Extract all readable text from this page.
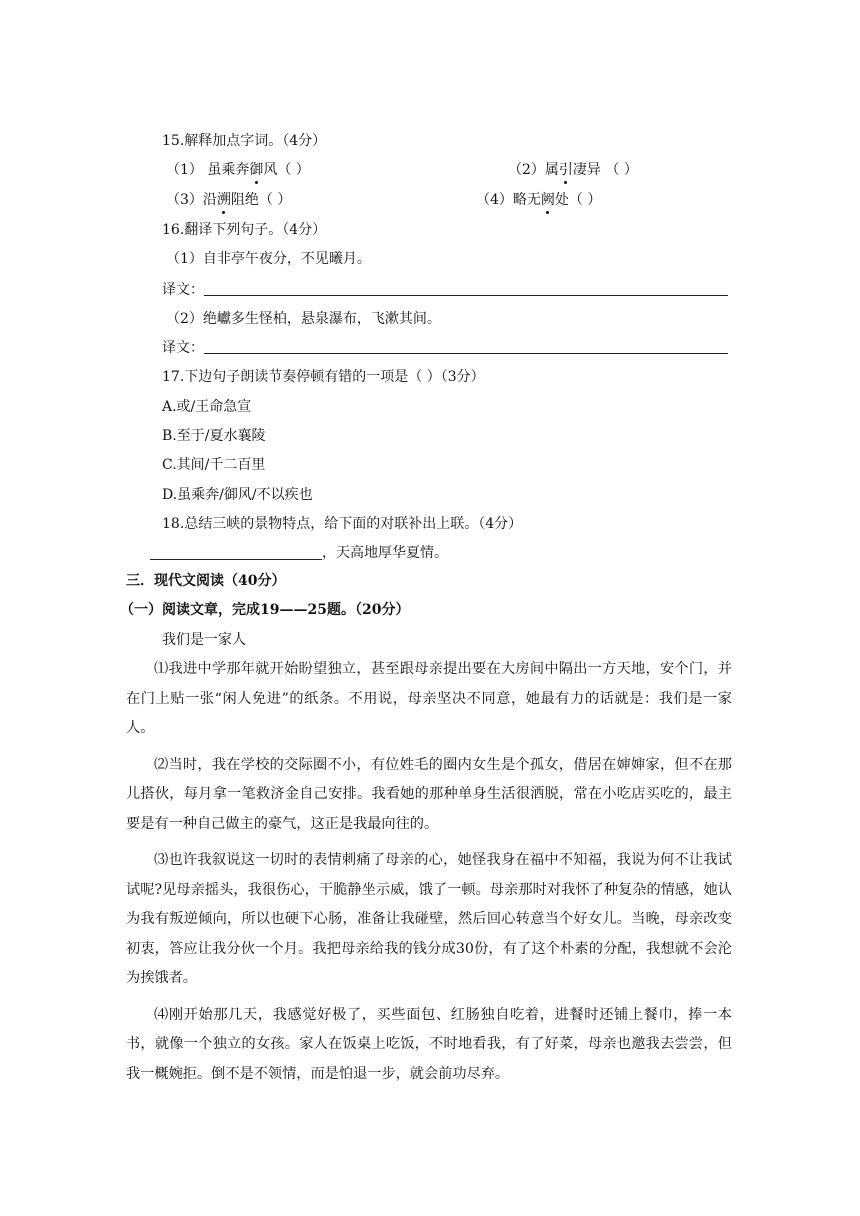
15.解释加点字词。（4分）
（1） 虽乘奔御风（ ）	（2）属引凄异 （ ）
（3）沿溯阻绝（ ）	（4）略无阙处（ ）
16.翻译下列句子。（4分）
（1）自非亭午夜分，不见曦月。
译文：
（2）绝巘多生怪柏，悬泉瀑布，飞漱其间。
译文：
17.下边句子朗读节奏停顿有错的一项是（ ）（3分）
A.或/王命急宣
B.至于/夏水襄陵
C.其间/千二百里
D.虽乘奔/御风/不以疾也
18.总结三峡的景物特点，给下面的对联补出上联。（4分）
，天高地厚华夏情。
三．现代文阅读（40分）
（一）阅读文章，完成19——25题。（20分）
我们是一家人

⑴我进中学那年就开始盼望独立，甚至跟母亲提出要在大房间中隔出一方天地，安个门，并在门上贴一张“闲人免进”的纸条。不用说，母亲坚决不同意，她最有力的话就是：我们是一家人。

⑵当时，我在学校的交际圈不小，有位姓毛的圈内女生是个孤女，借居在婶婶家，但不在那儿搭伙，每月拿一笔救济金自己安排。我看她的那种单身生活很洒脱，常在小吃店买吃的，最主要是有一种自己做主的豪气，这正是我最向往的。

⑶也许我叙说这一切时的表情刺痛了母亲的心，她怪我身在福中不知福，我说为何不让我试试呢?见母亲摇头，我很伤心，干脆静坐示威，饿了一顿。母亲那时对我怀了种复杂的情感，她认为我有叛逆倾向，所以也硬下心肠，准备让我碰壁，然后回心转意当个好女儿。当晚，母亲改变初衷，答应让我分伙一个月。我把母亲给我的钱分成30份，有了这个朴素的分配，我想就不会沦为挨饿者。

⑷刚开始那几天，我感觉好极了，买些面包、红肠独自吃着，进餐时还铺上餐巾，捧一本书，就像一个独立的女孩。家人在饭桌上吃饭，不时地看我，有了好菜，母亲也邀我去尝尝，但我一概婉拒。倒不是不领情，而是怕退一步，就会前功尽弃。
